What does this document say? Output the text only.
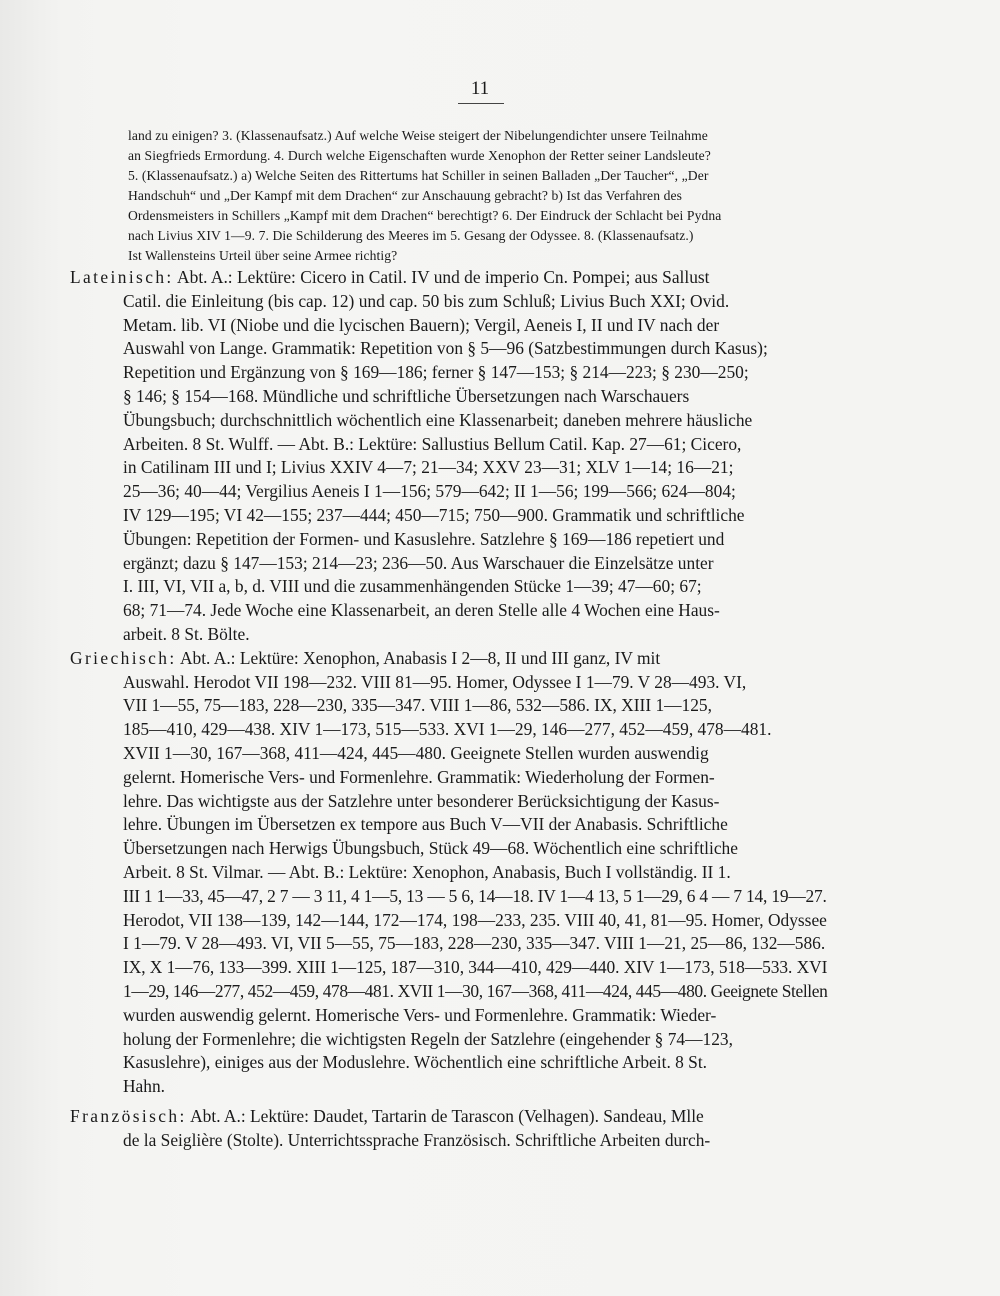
11
land zu einigen? 3. (Klassenaufsatz.) Auf welche Weise steigert der Nibelungendichter unsere Teilnahme
an Siegfrieds Ermordung. 4. Durch welche Eigenschaften wurde Xenophon der Retter seiner Landsleute?
5. (Klassenaufsatz.) a) Welche Seiten des Rittertums hat Schiller in seinen Balladen „Der Taucher“, „Der
Handschuh“ und „Der Kampf mit dem Drachen“ zur Anschauung gebracht? b) Ist das Verfahren des
Ordensmeisters in Schillers „Kampf mit dem Drachen“ berechtigt? 6. Der Eindruck der Schlacht bei Pydna
nach Livius XIV 1—9. 7. Die Schilderung des Meeres im 5. Gesang der Odyssee. 8. (Klassenaufsatz.)
Ist Wallensteins Urteil über seine Armee richtig?
Lateinisch: Abt. A.: Lektüre: Cicero in Catil. IV und de imperio Cn. Pompei; aus Sallust
Catil. die Einleitung (bis cap. 12) und cap. 50 bis zum Schluß; Livius Buch XXI; Ovid.
Metam. lib. VI (Niobe und die lycischen Bauern); Vergil, Aeneis I, II und IV nach der
Auswahl von Lange. Grammatik: Repetition von § 5—96 (Satzbestimmungen durch Kasus);
Repetition und Ergänzung von § 169—186; ferner § 147—153; § 214—223; § 230—250;
§ 146; § 154—168. Mündliche und schriftliche Übersetzungen nach Warschauers
Übungsbuch; durchschnittlich wöchentlich eine Klassenarbeit; daneben mehrere häusliche
Arbeiten. 8 St. Wulff. — Abt. B.: Lektüre: Sallustius Bellum Catil. Kap. 27—61; Cicero,
in Catilinam III und I; Livius XXIV 4—7; 21—34; XXV 23—31; XLV 1—14; 16—21;
25—36; 40—44; Vergilius Aeneis I 1—156; 579—642; II 1—56; 199—566; 624—804;
IV 129—195; VI 42—155; 237—444; 450—715; 750—900. Grammatik und schriftliche
Übungen: Repetition der Formen- und Kasuslehre. Satzlehre § 169—186 repetiert und
ergänzt; dazu § 147—153; 214—23; 236—50. Aus Warschauer die Einzelsätze unter
I. III, VI, VII a, b, d. VIII und die zusammenhängenden Stücke 1—39; 47—60; 67;
68; 71—74. Jede Woche eine Klassenarbeit, an deren Stelle alle 4 Wochen eine Haus-
arbeit. 8 St. Bölte.
Griechisch: Abt. A.: Lektüre: Xenophon, Anabasis I 2—8, II und III ganz, IV mit
Auswahl. Herodot VII 198—232. VIII 81—95. Homer, Odyssee I 1—79. V 28—493. VI,
VII 1—55, 75—183, 228—230, 335—347. VIII 1—86, 532—586. IX, XIII 1—125,
185—410, 429—438. XIV 1—173, 515—533. XVI 1—29, 146—277, 452—459, 478—481.
XVII 1—30, 167—368, 411—424, 445—480. Geeignete Stellen wurden auswendig
gelernt. Homerische Vers- und Formenlehre. Grammatik: Wiederholung der Formen-
lehre. Das wichtigste aus der Satzlehre unter besonderer Berücksichtigung der Kasus-
lehre. Übungen im Übersetzen ex tempore aus Buch V—VII der Anabasis. Schriftliche
Übersetzungen nach Herwigs Übungsbuch, Stück 49—68. Wöchentlich eine schriftliche
Arbeit. 8 St. Vilmar. — Abt. B.: Lektüre: Xenophon, Anabasis, Buch I vollständig. II 1.
III 1 1—33, 45—47, 2 7 — 3 11, 4 1—5, 13 — 5 6, 14—18. IV 1—4 13, 5 1—29, 6 4 — 7 14, 19—27.
Herodot, VII 138—139, 142—144, 172—174, 198—233, 235. VIII 40, 41, 81—95. Homer, Odyssee
I 1—79. V 28—493. VI, VII 5—55, 75—183, 228—230, 335—347. VIII 1—21, 25—86, 132—586.
IX, X 1—76, 133—399. XIII 1—125, 187—310, 344—410, 429—440. XIV 1—173, 518—533. XVI
1—29, 146—277, 452—459, 478—481. XVII 1—30, 167—368, 411—424, 445—480. Geeignete Stellen
wurden auswendig gelernt. Homerische Vers- und Formenlehre. Grammatik: Wieder-
holung der Formenlehre; die wichtigsten Regeln der Satzlehre (eingehender § 74—123,
Kasuslehre), einiges aus der Moduslehre. Wöchentlich eine schriftliche Arbeit. 8 St.
Hahn.
Französisch: Abt. A.: Lektüre: Daudet, Tartarin de Tarascon (Velhagen). Sandeau, Mlle
de la Seiglière (Stolte). Unterrichtssprache Französisch. Schriftliche Arbeiten durch-
